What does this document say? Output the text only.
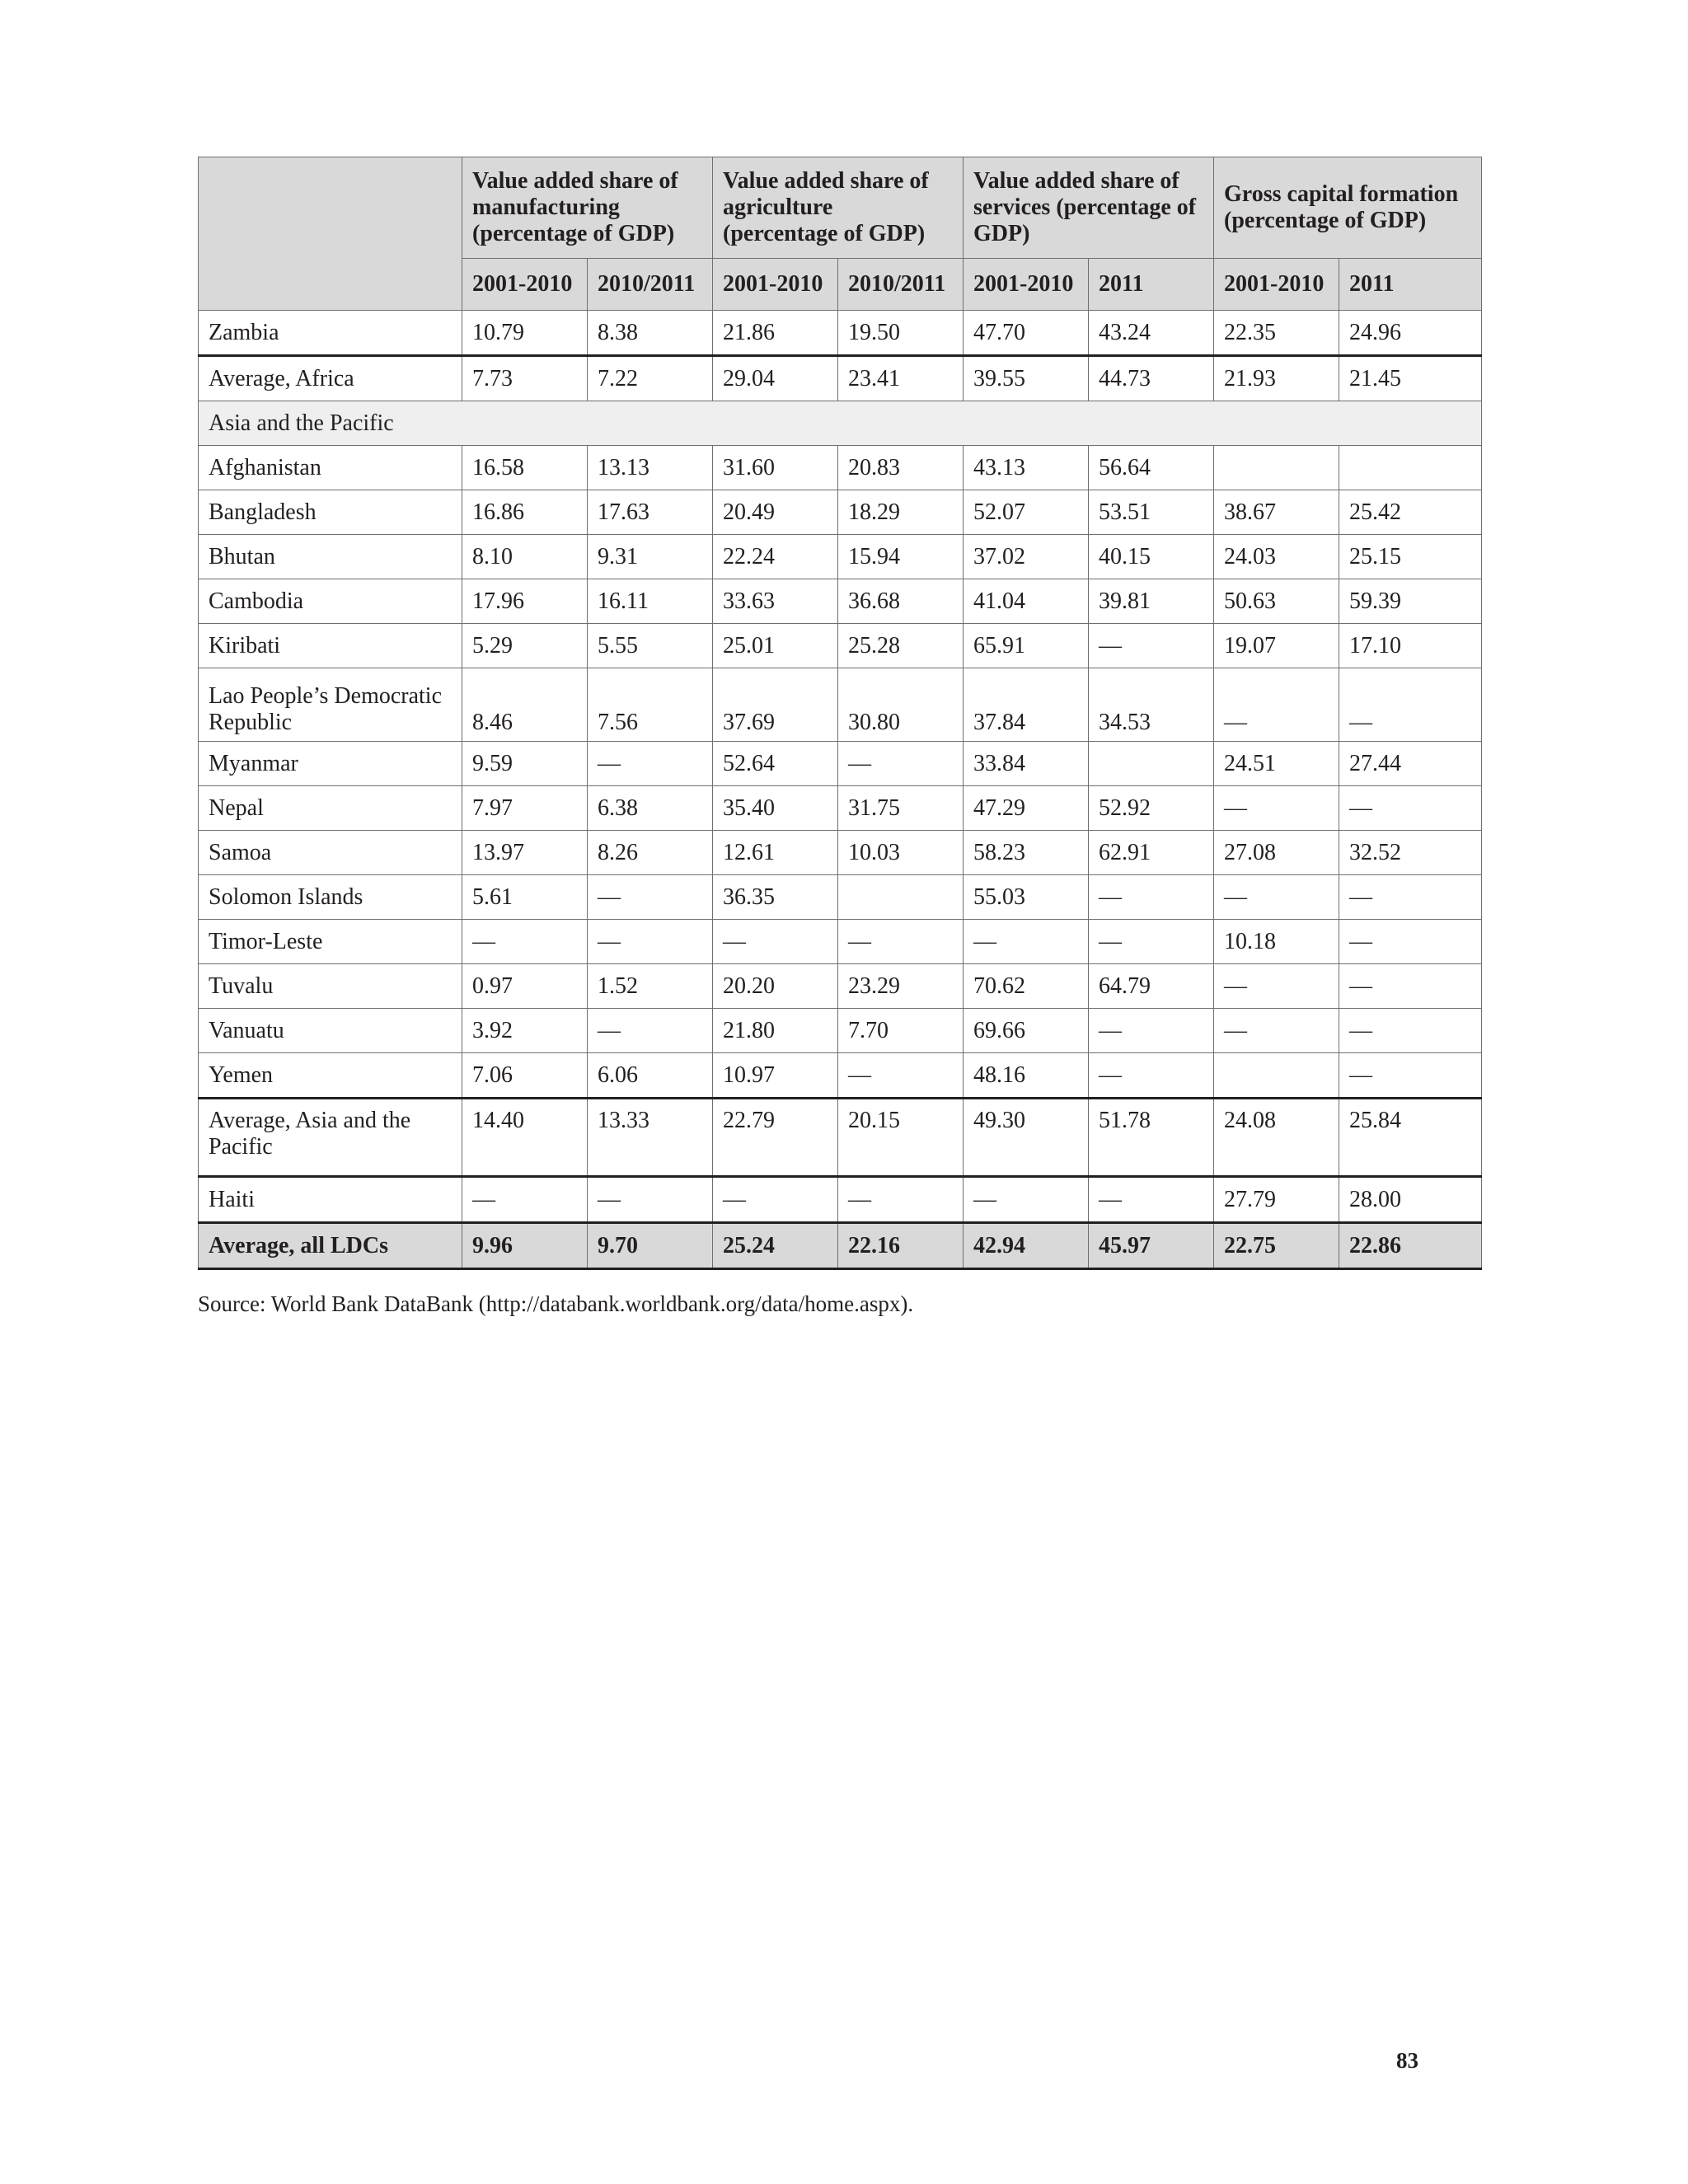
	Value added share of manufacturing (percentage of GDP)		Value added share of agriculture (percentage of GDP)		Value added share of services (percentage of GDP)		Gross capital formation (percentage of GDP)	
	2001-2010	2010/2011	2001-2010	2010/2011	2001-2010	2011	2001-2010	2011
Zambia	10.79	8.38	21.86	19.50	47.70	43.24	22.35	24.96
Average, Africa	7.73	7.22	29.04	23.41	39.55	44.73	21.93	21.45
Asia and the Pacific								
Afghanistan	16.58	13.13	31.60	20.83	43.13	56.64		
Bangladesh	16.86	17.63	20.49	18.29	52.07	53.51	38.67	25.42
Bhutan	8.10	9.31	22.24	15.94	37.02	40.15	24.03	25.15
Cambodia	17.96	16.11	33.63	36.68	41.04	39.81	50.63	59.39
Kiribati	5.29	5.55	25.01	25.28	65.91	—	19.07	17.10
Lao People’s Democratic Republic	8.46	7.56	37.69	30.80	37.84	34.53	—	—
Myanmar	9.59	—	52.64	—	33.84		24.51	27.44
Nepal	7.97	6.38	35.40	31.75	47.29	52.92	—	—
Samoa	13.97	8.26	12.61	10.03	58.23	62.91	27.08	32.52
Solomon Islands	5.61	—	36.35		55.03	—	—	—
Timor-Leste	—	—	—	—	—	—	10.18	—
Tuvalu	0.97	1.52	20.20	23.29	70.62	64.79	—	—
Vanuatu	3.92	—	21.80	7.70	69.66	—	—	—
Yemen	7.06	6.06	10.97	—	48.16	—		—
Average, Asia and the Pacific	14.40	13.33	22.79	20.15	49.30	51.78	24.08	25.84
Haiti	—	—	—	—	—	—	27.79	28.00
Average, all LDCs	9.96	9.70	25.24	22.16	42.94	45.97	22.75	22.86

Source: World Bank DataBank (http://databank.worldbank.org/data/home.aspx).

83
